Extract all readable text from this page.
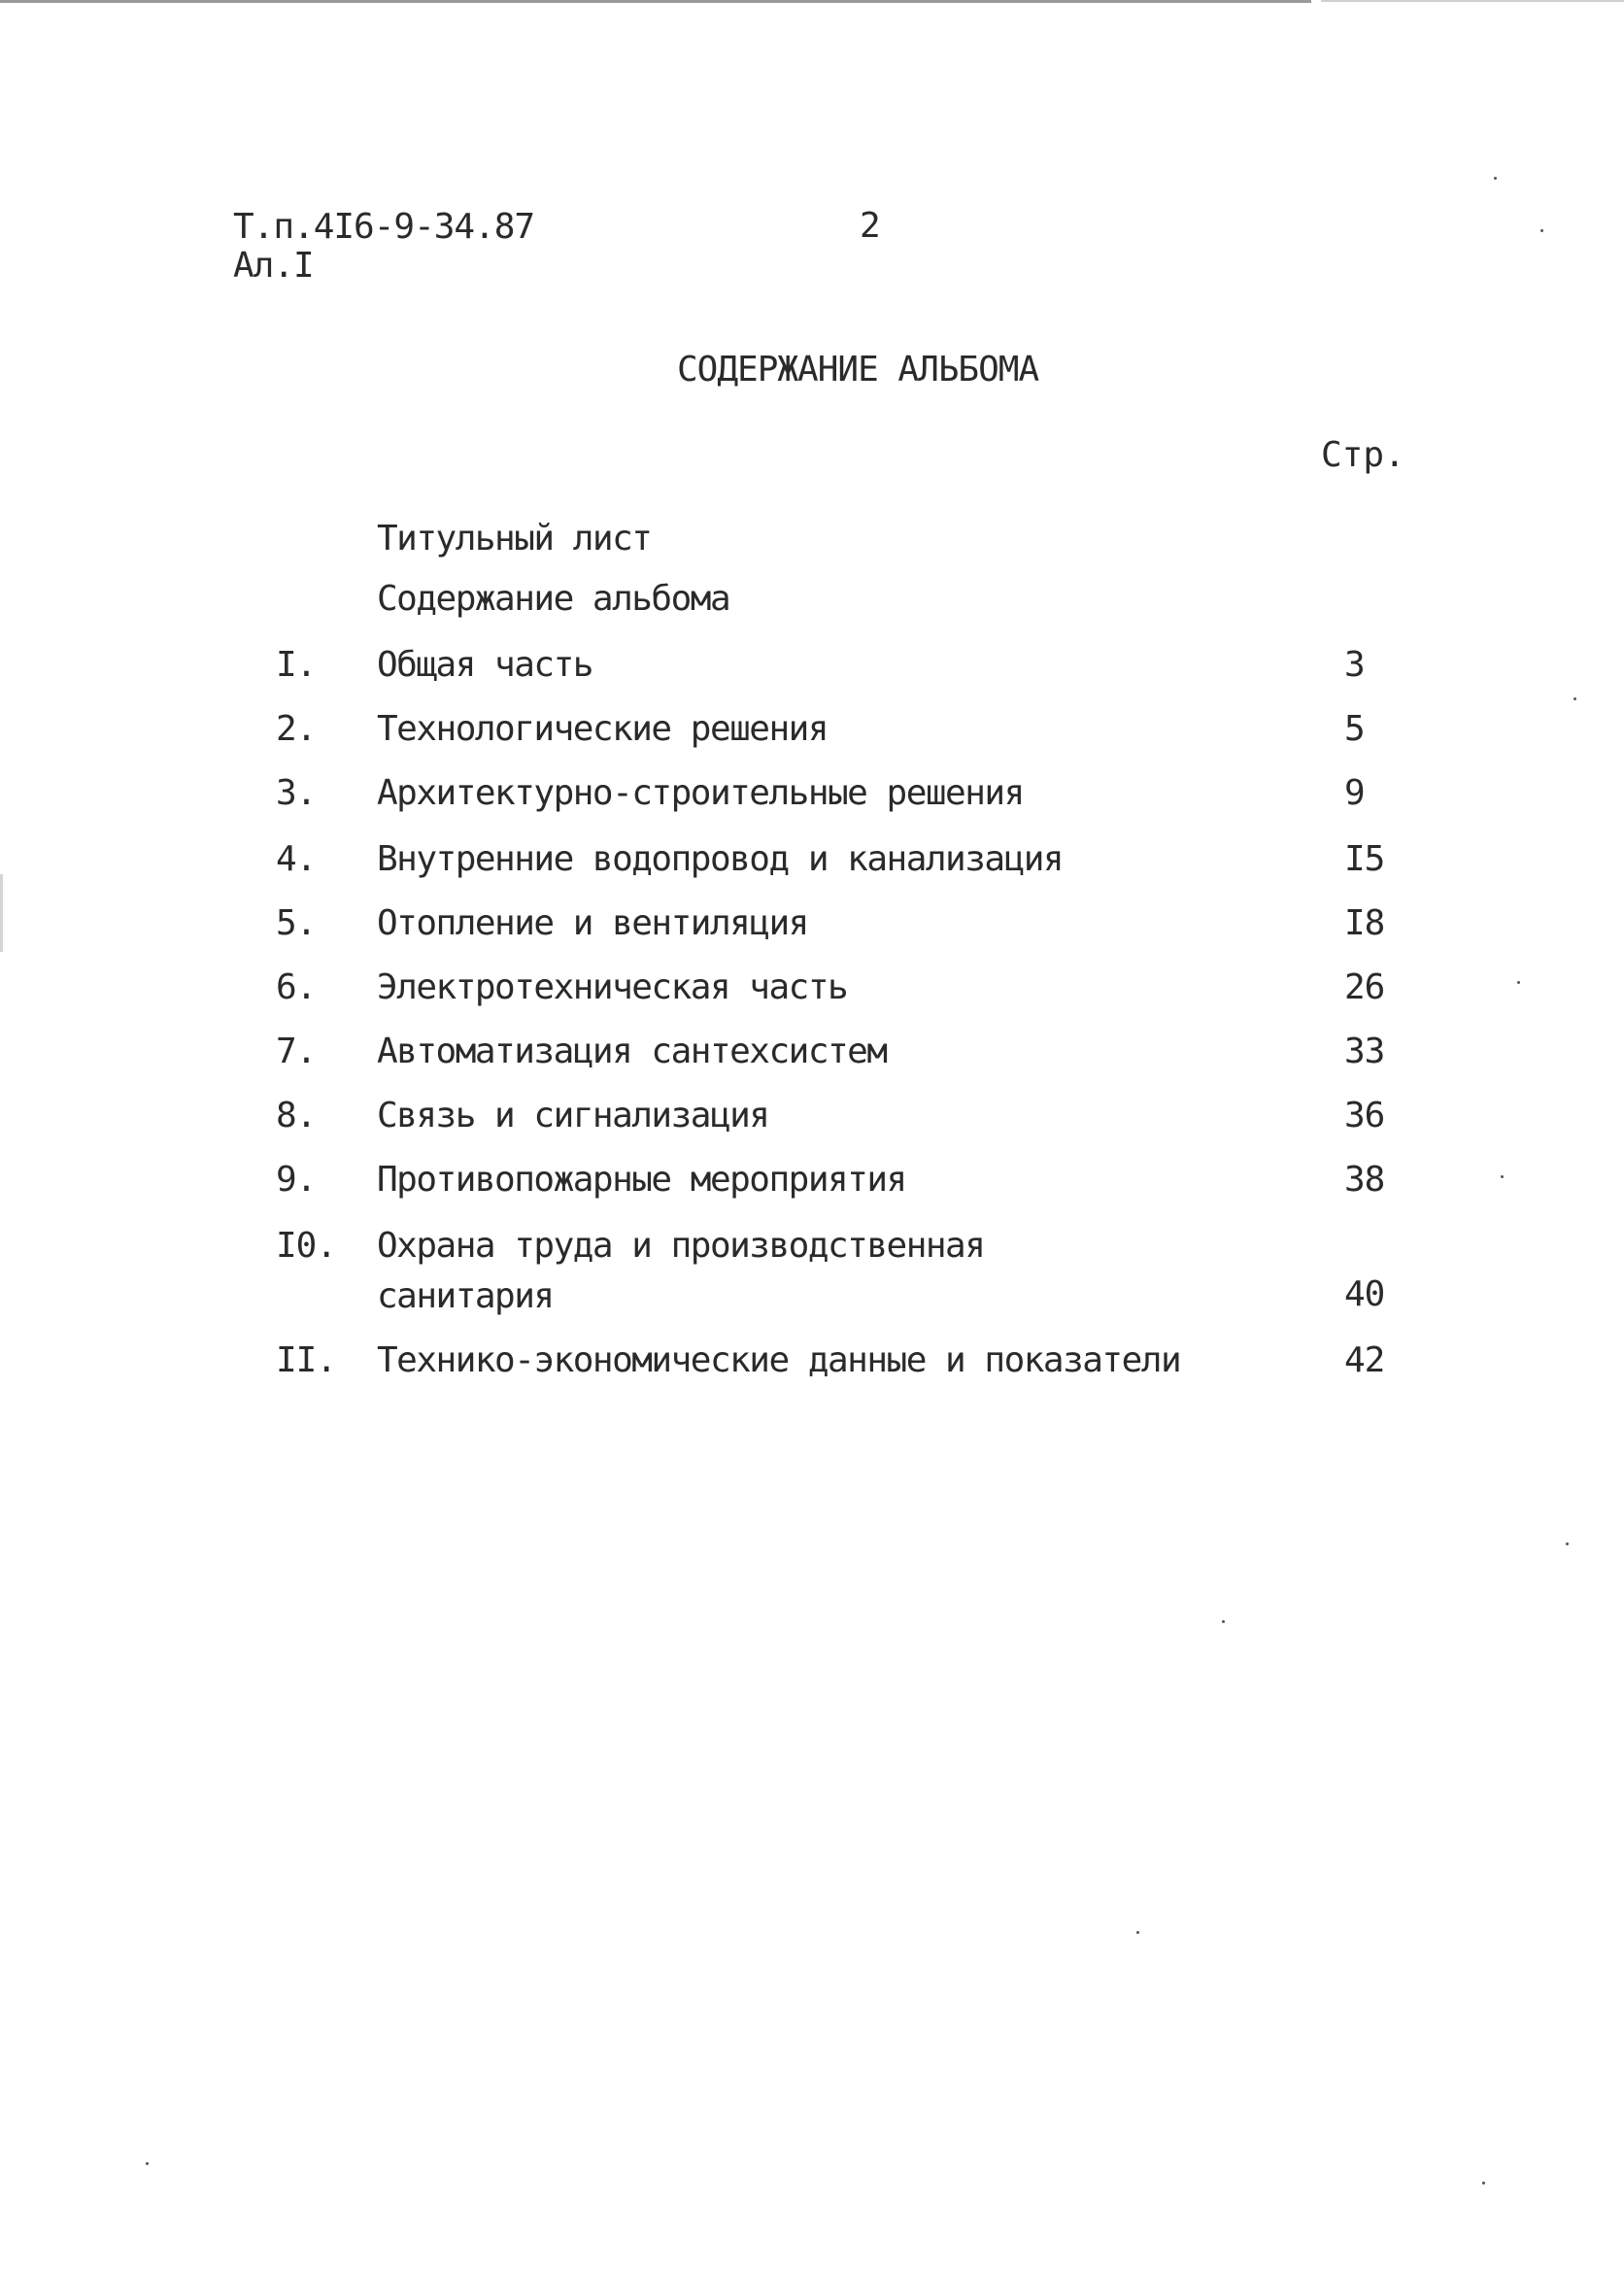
Т.п.4I6-9-34.87
Ал.I
2
СОДЕРЖАНИЕ АЛЬБОМА
Стр.
Титульный лист
Содержание альбома
I. Общая часть	3
2. Технологические решения	5
3. Архитектурно-строительные решения	9
4. Внутренние водопровод и канализация	I5
5. Отопление и вентиляция	I8
6. Электротехническая часть	26
7. Автоматизация сантехсистем	33
8. Связь и сигнализация	36
9. Противопожарные мероприятия	38
I0. Охрана труда и производственная
санитария	40
II. Технико-экономические данные и показатели	42
